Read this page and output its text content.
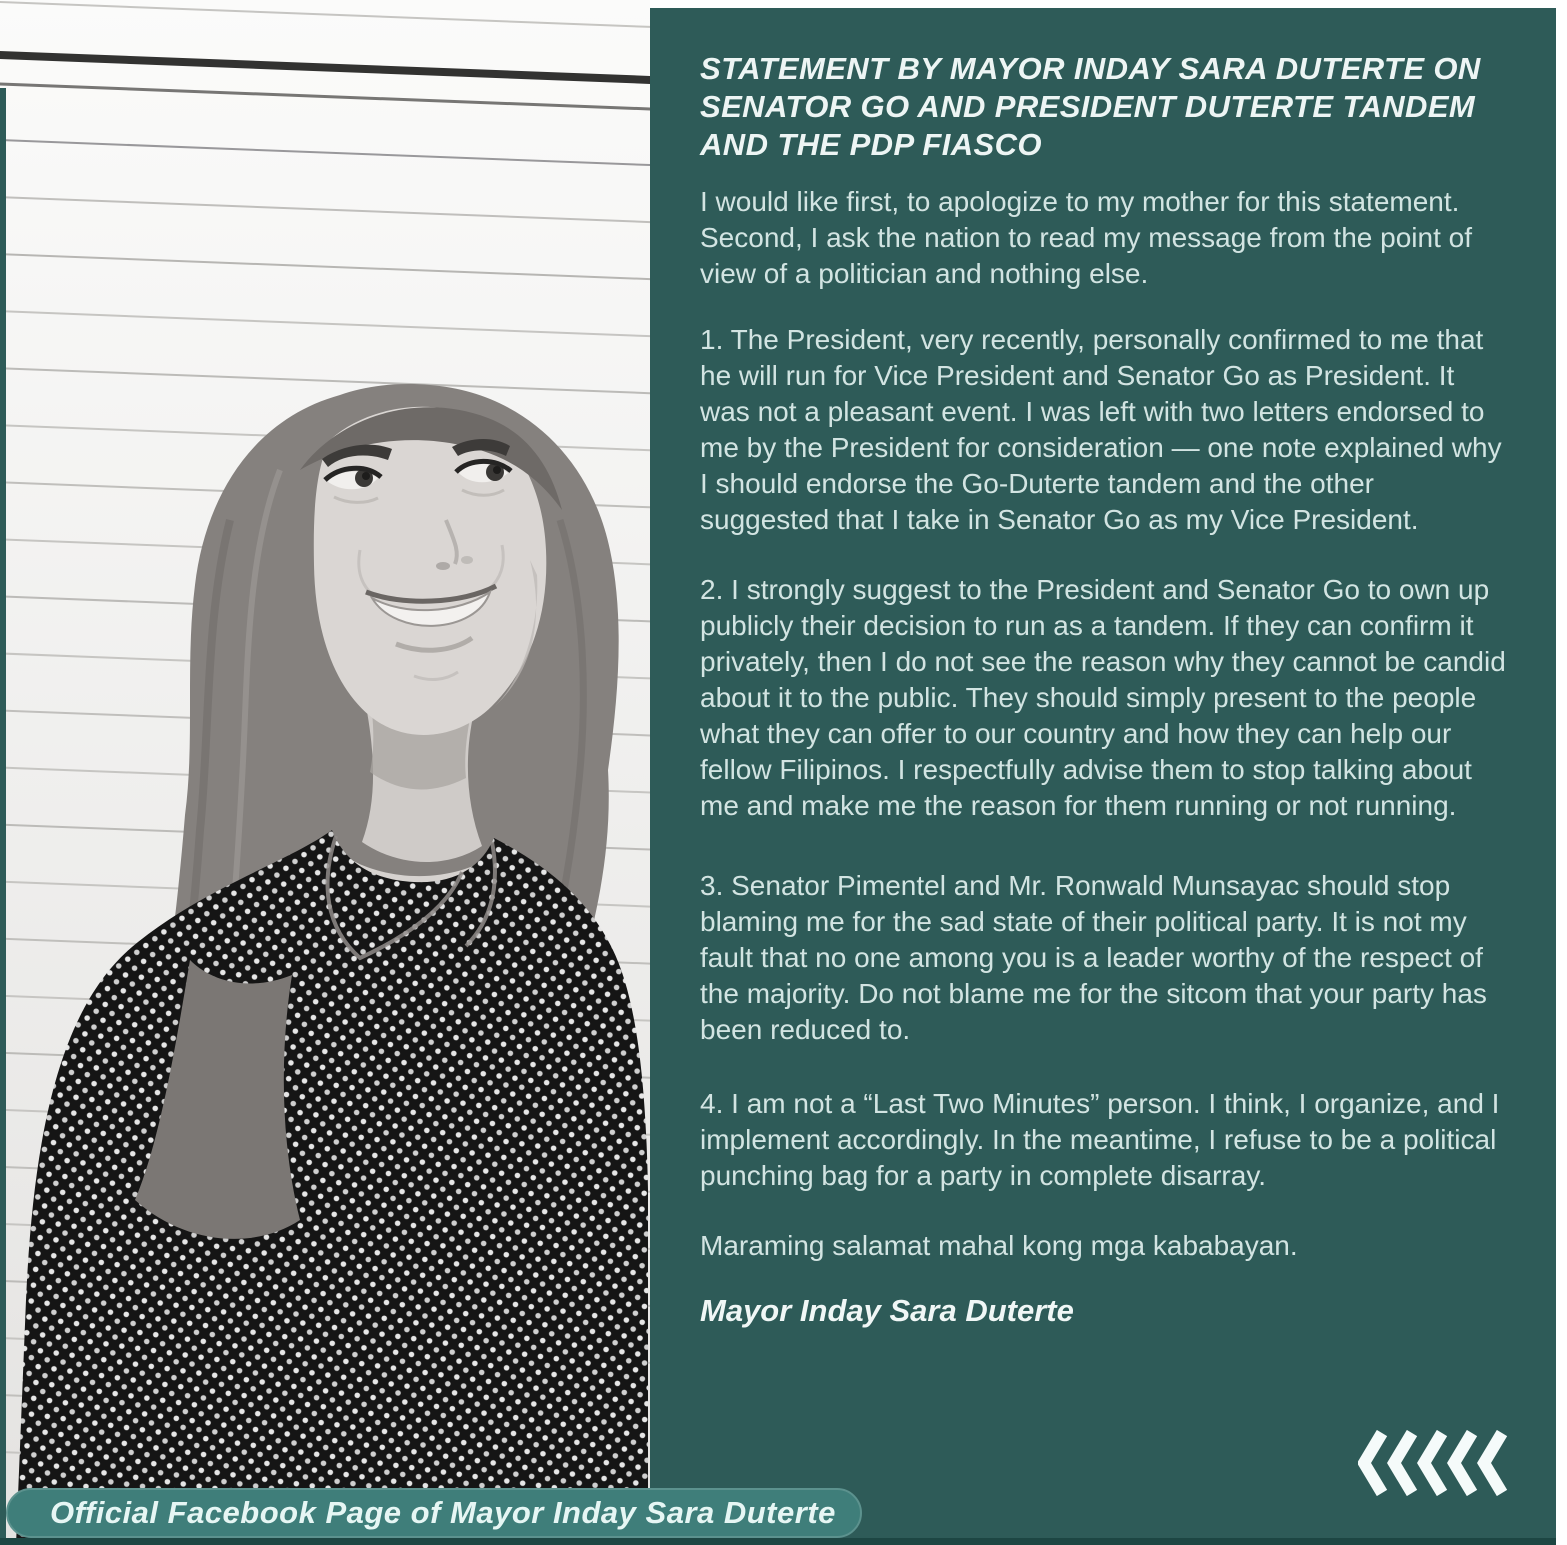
STATEMENT BY MAYOR INDAY SARA DUTERTE ON SENATOR GO AND PRESIDENT DUTERTE TANDEM AND THE PDP FIASCO

I would like first, to apologize to my mother for this statement. Second, I ask the nation to read my message from the point of view of a politician and nothing else.

1. The President, very recently, personally confirmed to me that he will run for Vice President and Senator Go as President. It was not a pleasant event. I was left with two letters endorsed to me by the President for consideration — one note explained why I should endorse the Go-Duterte tandem and the other suggested that I take in Senator Go as my Vice President.

2. I strongly suggest to the President and Senator Go to own up publicly their decision to run as a tandem. If they can confirm it privately, then I do not see the reason why they cannot be candid about it to the public. They should simply present to the people what they can offer to our country and how they can help our fellow Filipinos. I respectfully advise them to stop talking about me and make me the reason for them running or not running.

3. Senator Pimentel and Mr. Ronwald Munsayac should stop blaming me for the sad state of their political party. It is not my fault that no one among you is a leader worthy of the respect of the majority. Do not blame me for the sitcom that your party has been reduced to.

4. I am not a “Last Two Minutes” person. I think, I organize, and I implement accordingly. In the meantime, I refuse to be a political punching bag for a party in complete disarray.

Maraming salamat mahal kong mga kababayan.

Mayor Inday Sara Duterte

Official Facebook Page of Mayor Inday Sara Duterte
